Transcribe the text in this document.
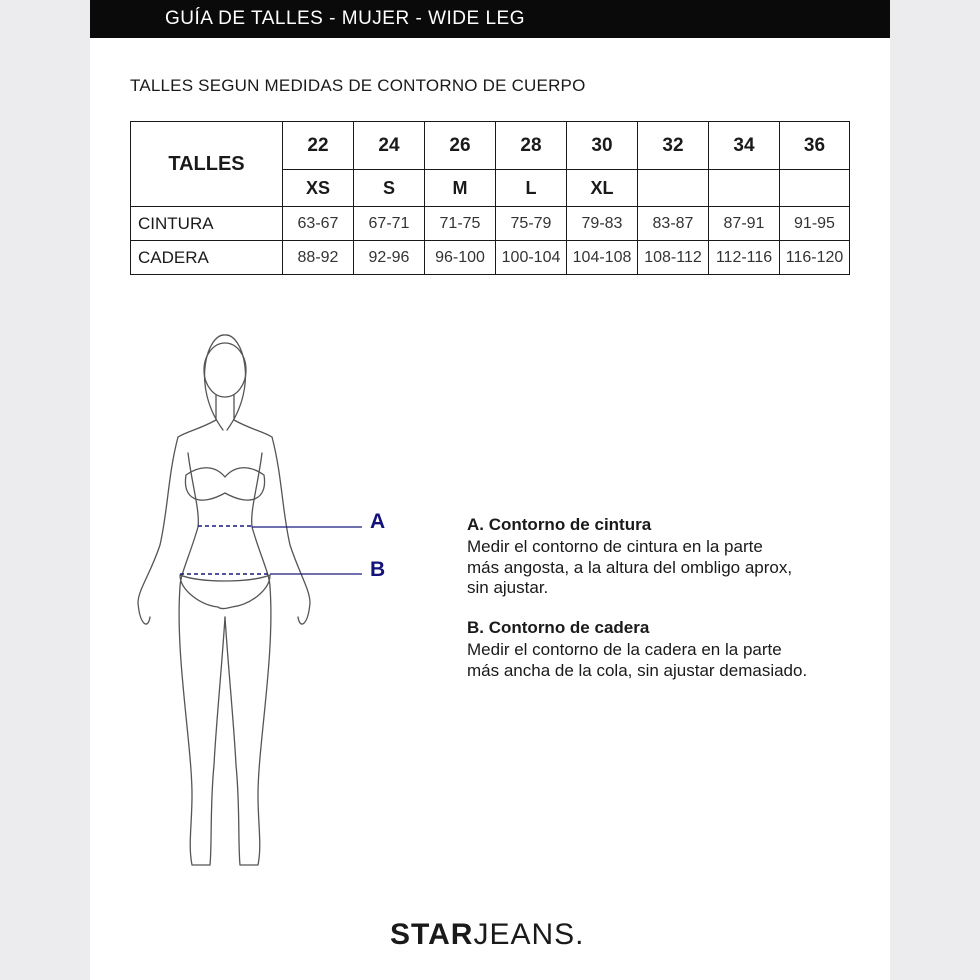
GUÍA DE TALLES - MUJER - WIDE LEG
TALLES SEGUN MEDIDAS DE CONTORNO DE CUERPO
TALLES	22	24	26	28	30	32	34	36
	XS	S	M	L	XL			
CINTURA	63-67	67-71	71-75	75-79	79-83	83-87	87-91	91-95
CADERA	88-92	92-96	96-100	100-104	104-108	108-112	112-116	116-120
A
B
A. Contorno de cintura
Medir el contorno de cintura en la parte
más angosta, a la altura del ombligo aprox,
sin ajustar.
B. Contorno de cadera
Medir el contorno de la cadera en la parte
más ancha de la cola, sin ajustar demasiado.
STARJEANS.
